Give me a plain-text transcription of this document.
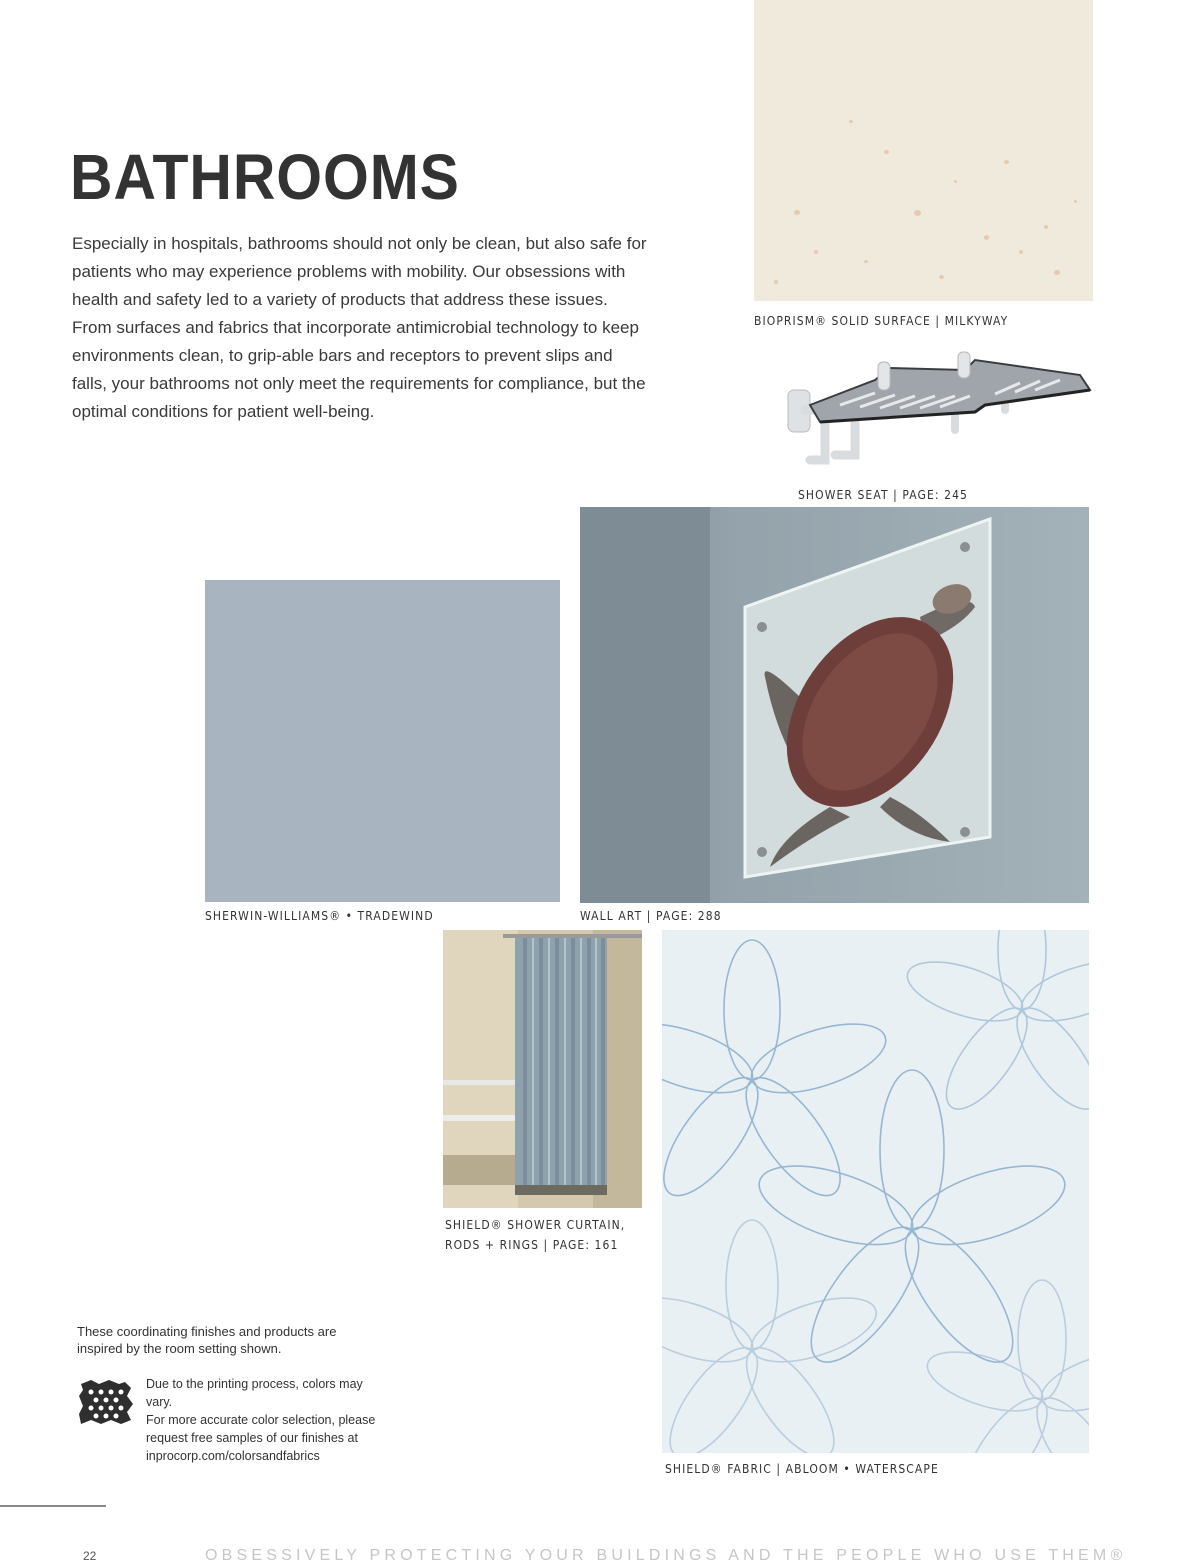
BATHROOMS

Especially in hospitals, bathrooms should not only be clean, but also safe for patients who may experience problems with mobility. Our obsessions with health and safety led to a variety of products that address these issues. From surfaces and fabrics that incorporate antimicrobial technology to keep environments clean, to grip-able bars and receptors to prevent slips and falls, your bathrooms not only meet the requirements for compliance, but the optimal conditions for patient well-being.

BIOPRISM® SOLID SURFACE | MILKYWAY
SHOWER SEAT | PAGE: 245
SHERWIN-WILLIAMS® • TRADEWIND	WALL ART | PAGE: 288
SHIELD® SHOWER CURTAIN,
RODS + RINGS | PAGE: 161
SHIELD® FABRIC | ABLOOM • WATERSCAPE
These coordinating finishes and products are inspired by the room setting shown.
Due to the printing process, colors may vary.
For more accurate color selection, please
request free samples of our finishes at
inprocorp.com/colorsandfabrics
22	OBSESSIVELY PROTECTING YOUR BUILDINGS AND THE PEOPLE WHO USE THEM®
